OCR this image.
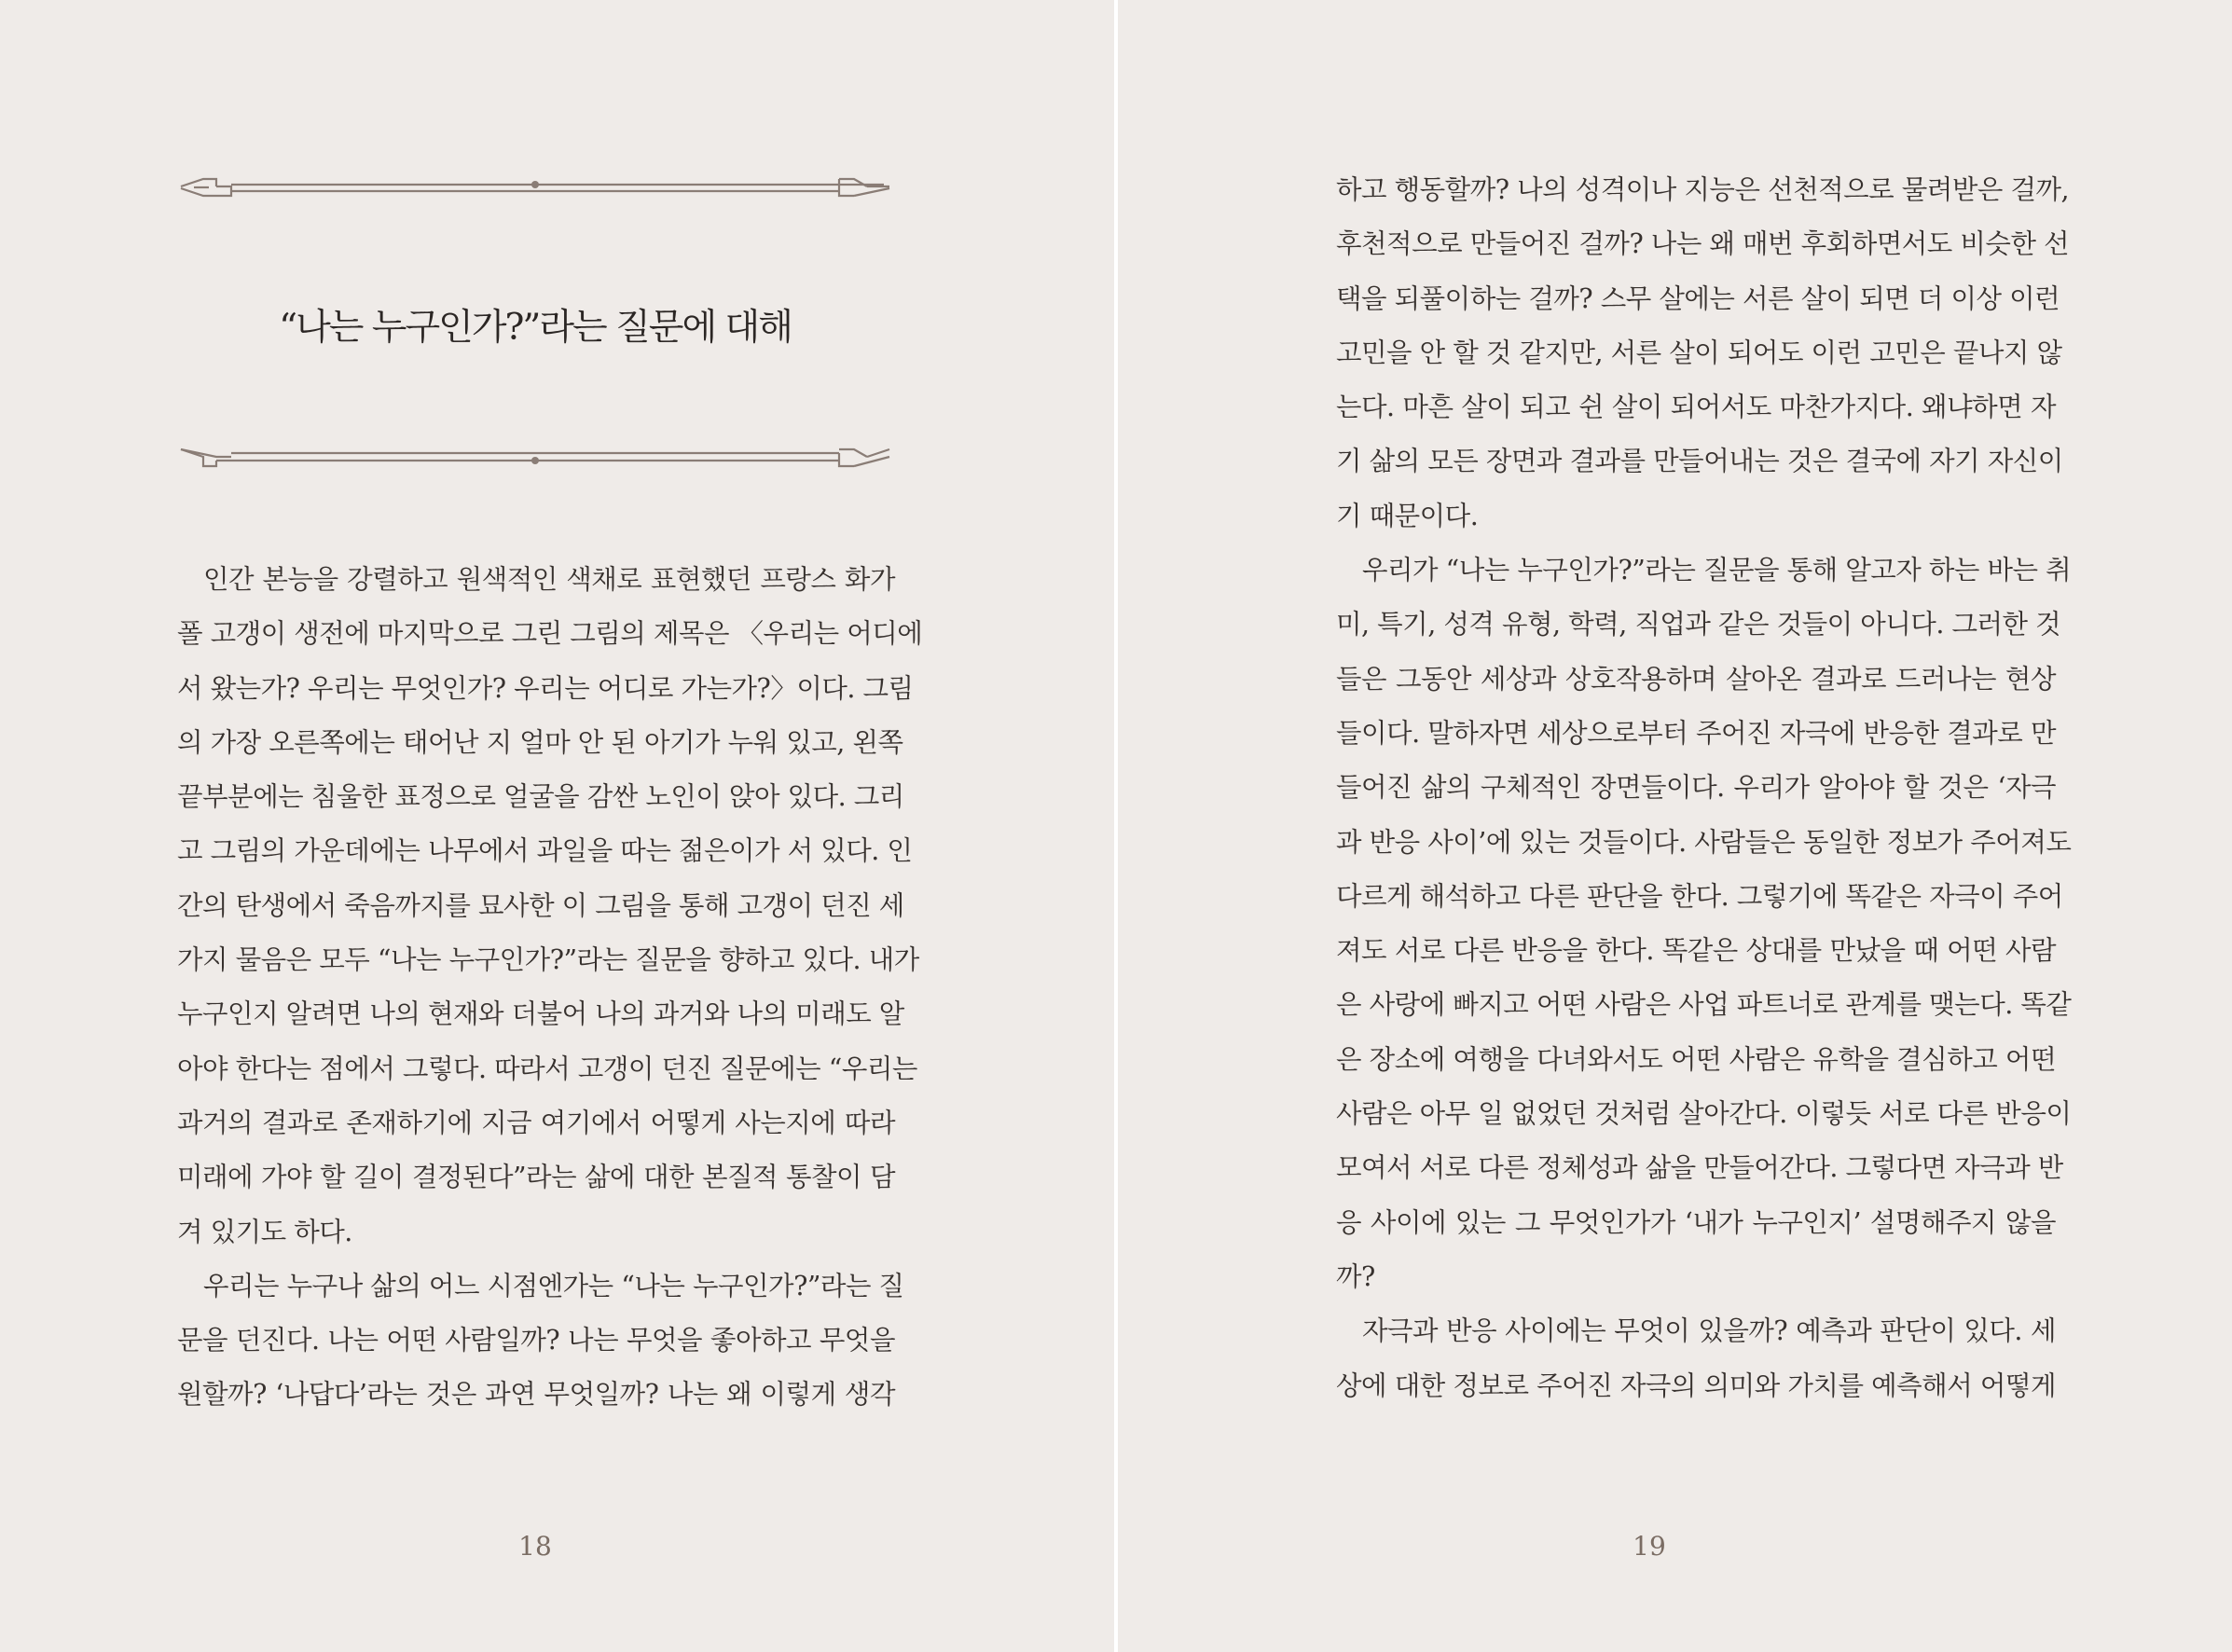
“나는 누구인가?”라는 질문에 대해
인간 본능을 강렬하고 원색적인 색채로 표현했던 프랑스 화가
폴 고갱이 생전에 마지막으로 그린 그림의 제목은 〈우리는 어디에
서 왔는가? 우리는 무엇인가? 우리는 어디로 가는가?〉이다. 그림
의 가장 오른쪽에는 태어난 지 얼마 안 된 아기가 누워 있고, 왼쪽
끝부분에는 침울한 표정으로 얼굴을 감싼 노인이 앉아 있다. 그리
고 그림의 가운데에는 나무에서 과일을 따는 젊은이가 서 있다. 인
간의 탄생에서 죽음까지를 묘사한 이 그림을 통해 고갱이 던진 세
가지 물음은 모두 “나는 누구인가?”라는 질문을 향하고 있다. 내가
누구인지 알려면 나의 현재와 더불어 나의 과거와 나의 미래도 알
아야 한다는 점에서 그렇다. 따라서 고갱이 던진 질문에는 “우리는
과거의 결과로 존재하기에 지금 여기에서 어떻게 사는지에 따라
미래에 가야 할 길이 결정된다”라는 삶에 대한 본질적 통찰이 담
겨 있기도 하다.
우리는 누구나 삶의 어느 시점엔가는 “나는 누구인가?”라는 질
문을 던진다. 나는 어떤 사람일까? 나는 무엇을 좋아하고 무엇을
원할까? ‘나답다’라는 것은 과연 무엇일까? 나는 왜 이렇게 생각
18
하고 행동할까? 나의 성격이나 지능은 선천적으로 물려받은 걸까,
후천적으로 만들어진 걸까? 나는 왜 매번 후회하면서도 비슷한 선
택을 되풀이하는 걸까? 스무 살에는 서른 살이 되면 더 이상 이런
고민을 안 할 것 같지만, 서른 살이 되어도 이런 고민은 끝나지 않
는다. 마흔 살이 되고 쉰 살이 되어서도 마찬가지다. 왜냐하면 자
기 삶의 모든 장면과 결과를 만들어내는 것은 결국에 자기 자신이
기 때문이다.
우리가 “나는 누구인가?”라는 질문을 통해 알고자 하는 바는 취
미, 특기, 성격 유형, 학력, 직업과 같은 것들이 아니다. 그러한 것
들은 그동안 세상과 상호작용하며 살아온 결과로 드러나는 현상
들이다. 말하자면 세상으로부터 주어진 자극에 반응한 결과로 만
들어진 삶의 구체적인 장면들이다. 우리가 알아야 할 것은 ‘자극
과 반응 사이’에 있는 것들이다. 사람들은 동일한 정보가 주어져도
다르게 해석하고 다른 판단을 한다. 그렇기에 똑같은 자극이 주어
져도 서로 다른 반응을 한다. 똑같은 상대를 만났을 때 어떤 사람
은 사랑에 빠지고 어떤 사람은 사업 파트너로 관계를 맺는다. 똑같
은 장소에 여행을 다녀와서도 어떤 사람은 유학을 결심하고 어떤
사람은 아무 일 없었던 것처럼 살아간다. 이렇듯 서로 다른 반응이
모여서 서로 다른 정체성과 삶을 만들어간다. 그렇다면 자극과 반
응 사이에 있는 그 무엇인가가 ‘내가 누구인지’ 설명해주지 않을
까?
자극과 반응 사이에는 무엇이 있을까? 예측과 판단이 있다. 세
상에 대한 정보로 주어진 자극의 의미와 가치를 예측해서 어떻게
19
